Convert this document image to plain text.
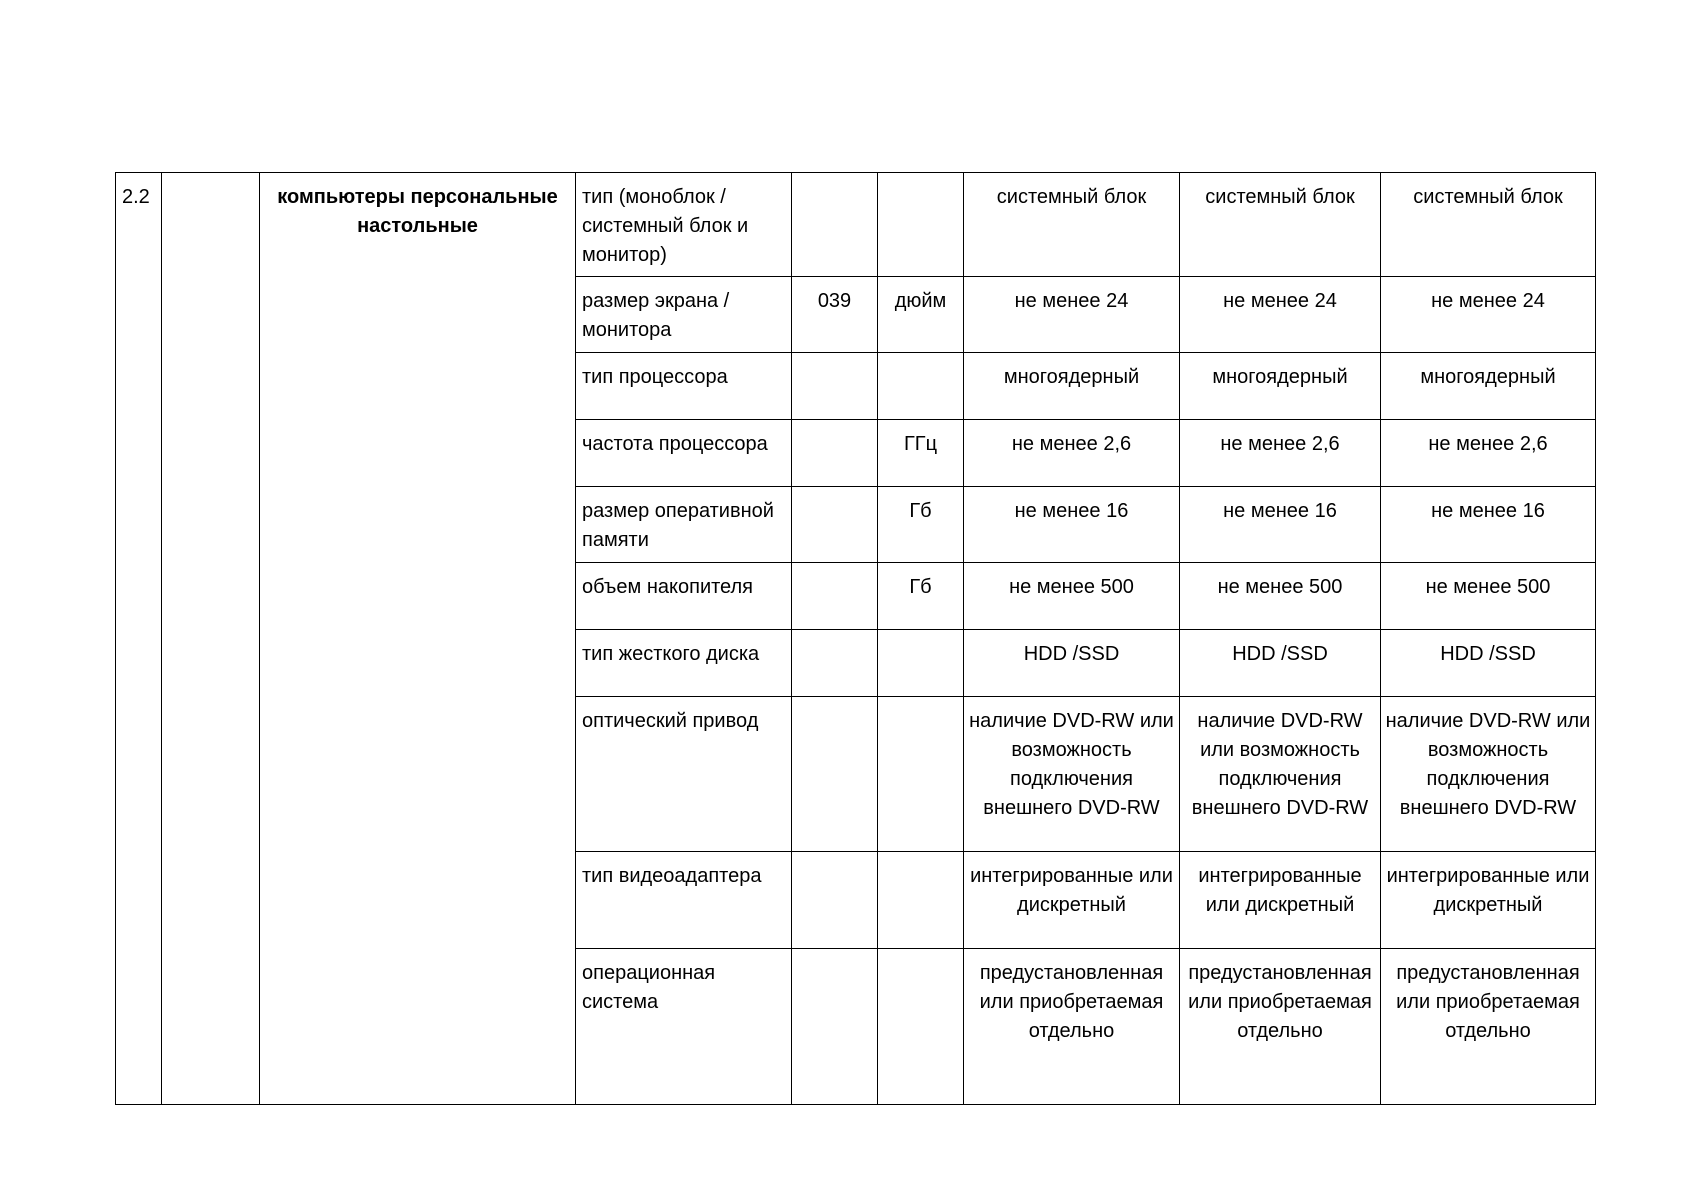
2.2		компьютеры персональные настольные	тип (моноблок / системный блок и монитор)			системный блок	системный блок	системный блок
			размер экрана / монитора	039	дюйм	не менее 24	не менее 24	не менее 24
			тип процессора			многоядерный	многоядерный	многоядерный
			частота процессора		ГГц	не менее 2,6	не менее 2,6	не менее 2,6
			размер оперативной памяти		Гб	не менее 16	не менее 16	не менее 16
			объем накопителя		Гб	не менее 500	не менее 500	не менее 500
			тип жесткого диска			HDD /SSD	HDD /SSD	HDD /SSD
			оптический привод			наличие DVD-RW или возможность подключения внешнего DVD-RW	наличие DVD-RW или возможность подключения внешнего DVD-RW	наличие DVD-RW или возможность подключения внешнего DVD-RW
			тип видеоадаптера			интегрированные или дискретный	интегрированные или дискретный	интегрированные или дискретный
			операционная система			предустановленная или приобретаемая отдельно	предустановленная или приобретаемая отдельно	предустановленная или приобретаемая отдельно
